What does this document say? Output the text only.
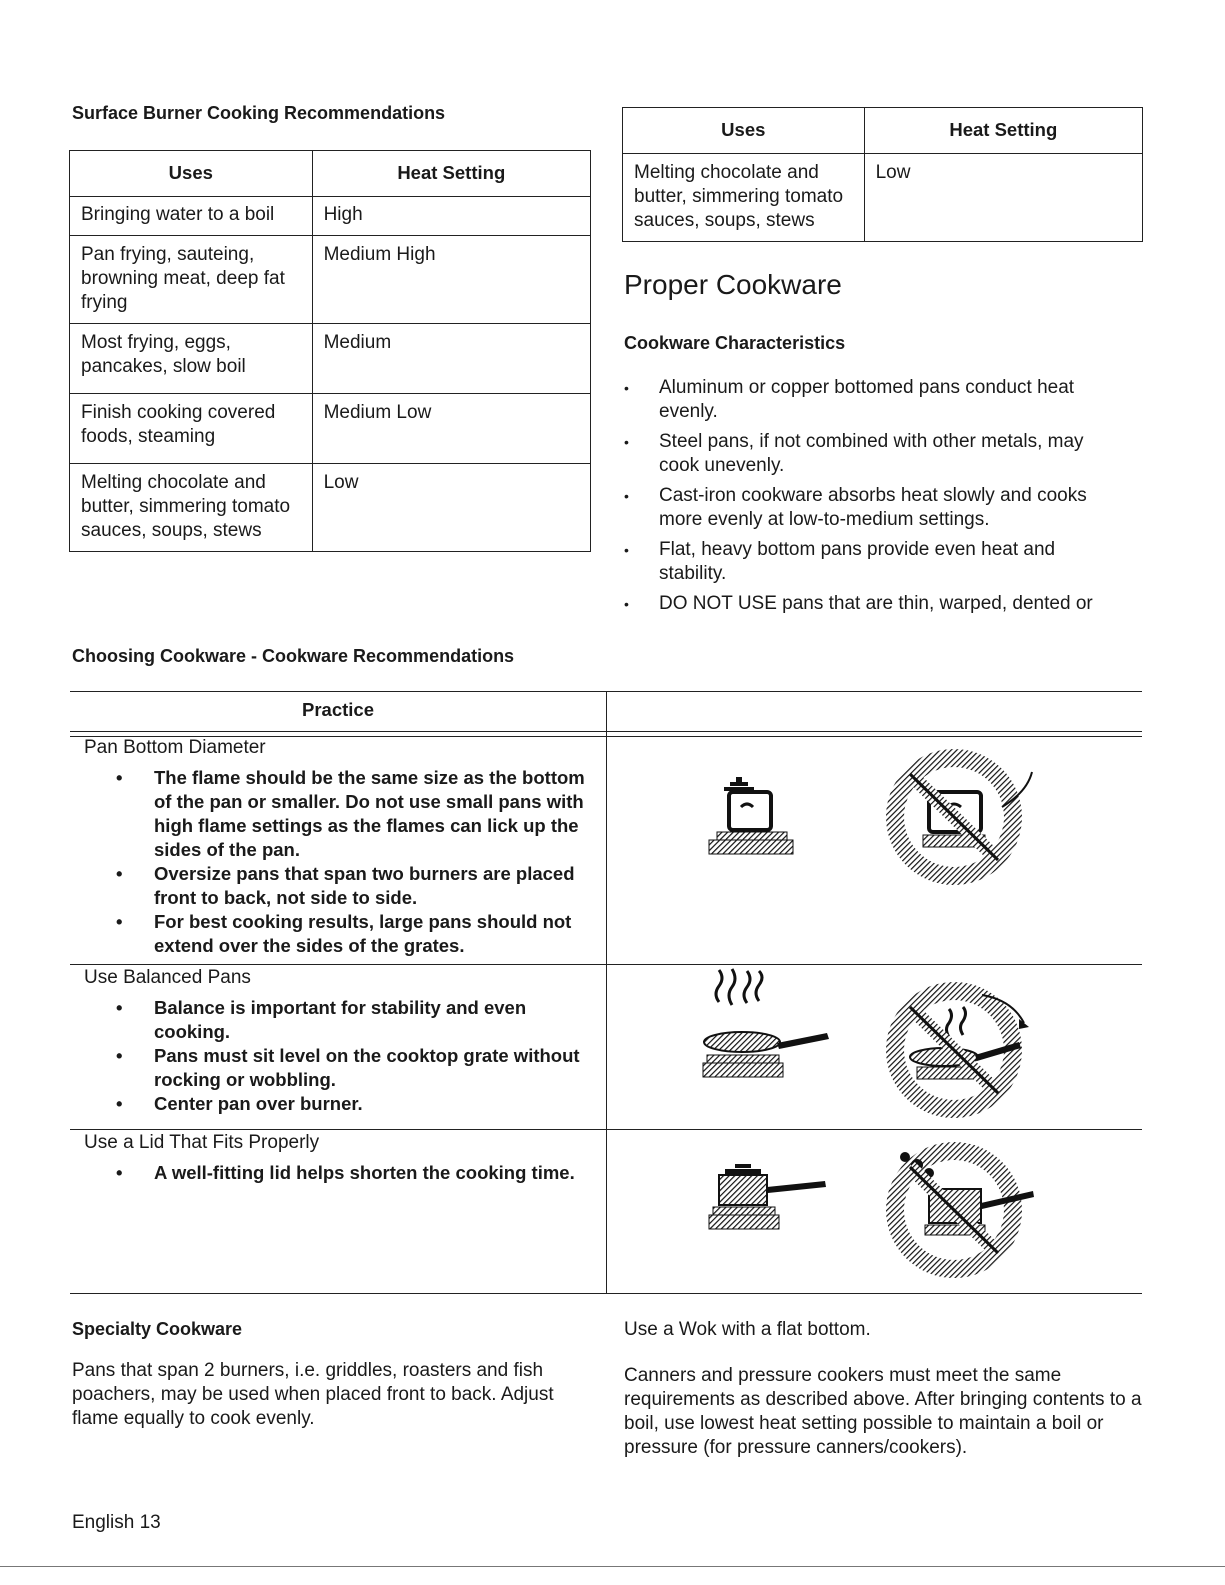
Surface Burner Cooking Recommendations
Uses	Heat Setting
Bringing water to a boil	High
Pan frying, sauteing, browning meat, deep fat frying	Medium High
Most frying, eggs, pancakes, slow boil	Medium
Finish cooking covered foods, steaming	Medium Low
Melting chocolate and butter, simmering tomato sauces, soups, stews	Low
Uses	Heat Setting
Melting chocolate and butter, simmering tomato sauces, soups, stews	Low
Proper Cookware
Cookware Characteristics
• Aluminum or copper bottomed pans conduct heat evenly.
• Steel pans, if not combined with other metals, may cook unevenly.
• Cast-iron cookware absorbs heat slowly and cooks more evenly at low-to-medium settings.
• Flat, heavy bottom pans provide even heat and stability.
• DO NOT USE pans that are thin, warped, dented or
Choosing Cookware - Cookware Recommendations
Practice
Pan Bottom Diameter
• The flame should be the same size as the bottom of the pan or smaller. Do not use small pans with high flame settings as the flames can lick up the sides of the pan.
• Oversize pans that span two burners are placed front to back, not side to side.
• For best cooking results, large pans should not extend over the sides of the grates.
Use Balanced Pans
• Balance is important for stability and even cooking.
• Pans must sit level on the cooktop grate without rocking or wobbling.
• Center pan over burner.
Use a Lid That Fits Properly
• A well-fitting lid helps shorten the cooking time.
Specialty Cookware
Pans that span 2 burners, i.e. griddles, roasters and fish poachers, may be used when placed front to back. Adjust flame equally to cook evenly.
Use a Wok with a flat bottom.
Canners and pressure cookers must meet the same requirements as described above. After bringing contents to a boil, use lowest heat setting possible to maintain a boil or pressure (for pressure canners/cookers).
English 13
